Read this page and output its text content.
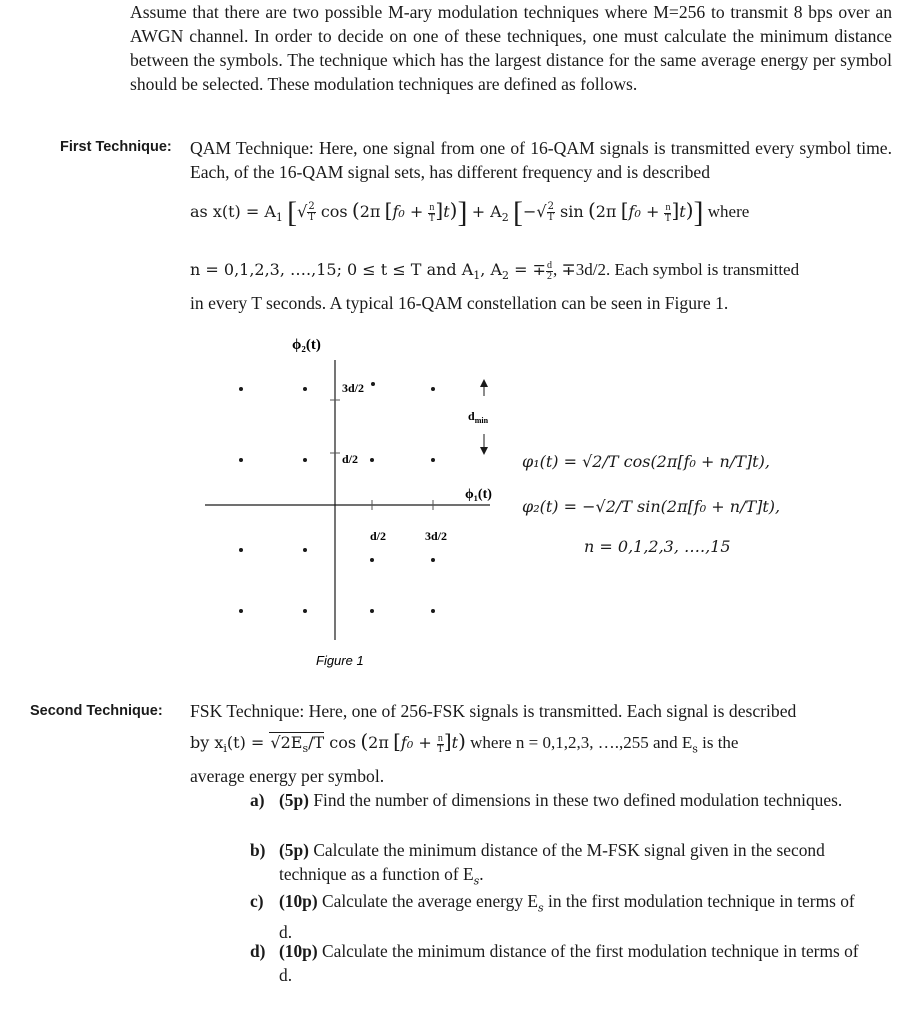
Assume that there are two possible M-ary modulation techniques where M=256 to transmit 8 bps over an AWGN channel. In order to decide on one of these techniques, one must calculate the minimum distance between the symbols. The technique which has the largest distance for the same average energy per symbol should be selected. These modulation techniques are defined as follows.
First Technique: QAM Technique: Here, one signal from one of 16-QAM signals is transmitted every symbol time. Each, of the 16-QAM signal sets, has different frequency and is described
as $x(t) = A_1$ [√ $\frac{2}{T}$ cos (2π $[f_0 + \frac{n}{T} ]t)] + A_2$ [−√ $\frac{2}{T}$ sin (2π $[f_0 + \frac{n}{T} ]t$)] where
n = 0,1,2,3, ….,15; 0 ≤ t ≤ T and $A_1$, $A_2$ = ∓ $\frac{d}{2}$ , ∓3d/2. Each symbol is transmitted
in every T seconds. A typical 16-QAM constellation can be seen in Figure 1.
ϕ₂(t)
3d/2
d/2
$d_{min}$
ϕ₁(t)
d/2	3d/2
Figure 1
φ₁(t) = √2/T cos(2π[f₀ + n/T]t),
φ₂(t) = −√2/T sin(2π[f₀ + n/T]t),
n = 0,1,2,3, ….,15
Second Technique: FSK Technique: Here, one of 256-FSK signals is transmitted. Each signal is described
by $x_i(t) = √2E_s/T$ cos (2π $[f_0 + \frac{n}{T} ]t$) where n = 0,1,2,3, ….,255 and $E_s$ is the
average energy per symbol.
a) (5p) Find the number of dimensions in these two defined modulation techniques.
b) (5p) Calculate the minimum distance of the M-FSK signal given in the second technique as a function of $E_s$.
c) (10p) Calculate the average energy $E_s$ in the first modulation technique in terms of d.
d) (10p) Calculate the minimum distance of the first modulation technique in terms of d.
